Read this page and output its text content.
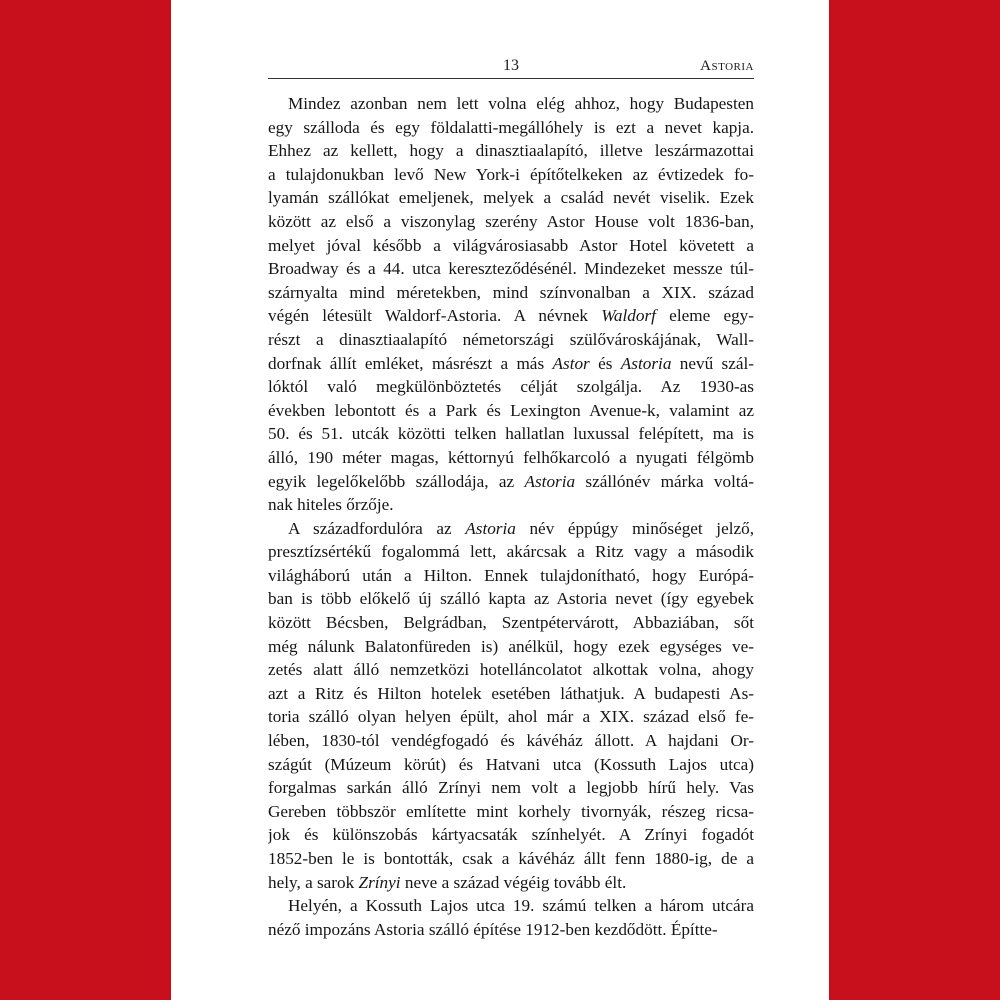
13	Astoria
Mindez azonban nem lett volna elég ahhoz, hogy Budapesten
egy szálloda és egy földalatti-megállóhely is ezt a nevet kapja.
Ehhez az kellett, hogy a dinasztiaalapító, illetve leszármazottai
a tulajdonukban levő New York-i építőtelkeken az évtizedek fo-
lyamán szállókat emeljenek, melyek a család nevét viselik. Ezek
között az első a viszonylag szerény Astor House volt 1836-ban,
melyet jóval később a világvárosiasabb Astor Hotel követett a
Broadway és a 44. utca kereszteződésénél. Mindezeket messze túl-
szárnyalta mind méretekben, mind színvonalban a XIX. század
végén létesült Waldorf-Astoria. A névnek Waldorf eleme egy-
részt a dinasztiaalapító németországi szülővároskájának, Wall-
dorfnak állít emléket, másrészt a más Astor és Astoria nevű szál-
lóktól való megkülönböztetés célját szolgálja. Az 1930-as
években lebontott és a Park és Lexington Avenue-k, valamint az
50. és 51. utcák közötti telken hallatlan luxussal felépített, ma is
álló, 190 méter magas, kéttornyú felhőkarcoló a nyugati félgömb
egyik legelőkelőbb szállodája, az Astoria szállónév márka voltá-
nak hiteles őrzője.
A századfordulóra az Astoria név éppúgy minőséget jelző,
presztízsértékű fogalommá lett, akárcsak a Ritz vagy a második
világháború után a Hilton. Ennek tulajdonítható, hogy Európá-
ban is több előkelő új szálló kapta az Astoria nevet (így egyebek
között Bécsben, Belgrádban, Szentpétervárott, Abbaziában, sőt
még nálunk Balatonfüreden is) anélkül, hogy ezek egységes ve-
zetés alatt álló nemzetközi hotelláncolatot alkottak volna, ahogy
azt a Ritz és Hilton hotelek esetében láthatjuk. A budapesti As-
toria szálló olyan helyen épült, ahol már a XIX. század első fe-
lében, 1830-tól vendégfogadó és kávéház állott. A hajdani Or-
szágút (Múzeum körút) és Hatvani utca (Kossuth Lajos utca)
forgalmas sarkán álló Zrínyi nem volt a legjobb hírű hely. Vas
Gereben többször említette mint korhely tivornyák, részeg ricsa-
jok és különszobás kártyacsaták színhelyét. A Zrínyi fogadót
1852-ben le is bontották, csak a kávéház állt fenn 1880-ig, de a
hely, a sarok Zrínyi neve a század végéig tovább élt.
Helyén, a Kossuth Lajos utca 19. számú telken a három utcára
néző impozáns Astoria szálló építése 1912-ben kezdődött. Építte-
